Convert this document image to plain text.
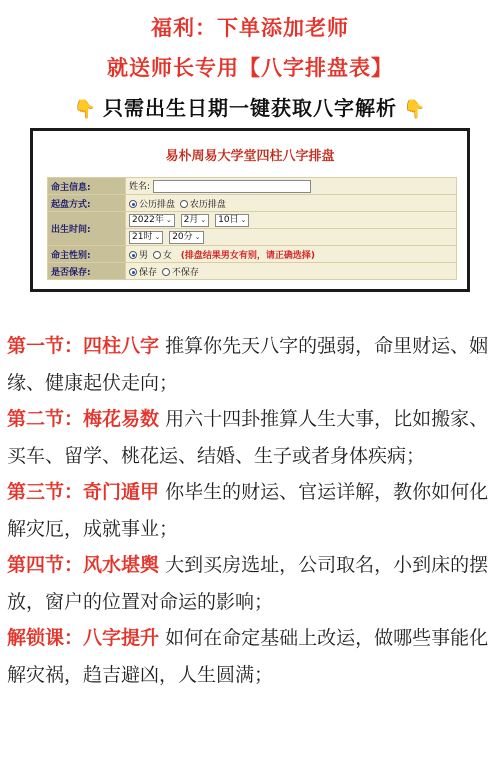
福利：下单添加老师
就送师长专用【八字排盘表】
👇 只需出生日期一键获取八字解析 👇
易朴周易大学堂四柱八字排盘
命主信息:	姓名:
起盘方式:	公历排盘 农历排盘
出生时间:	2022年 ⌄ 2月 ⌄ 10日 ⌄
	21时 ⌄ 20分 ⌄
命主性别:	男 女 (排盘结果男女有别，请正确选择)
是否保存:	保存 不保存
第一节：四柱八字 推算你先天八字的强弱，命里财运、姻缘、健康起伏走向；
第二节：梅花易数 用六十四卦推算人生大事，比如搬家、买车、留学、桃花运、结婚、生子或者身体疾病；
第三节：奇门遁甲 你毕生的财运、官运详解，教你如何化解灾厄，成就事业；
第四节：风水堪舆 大到买房选址，公司取名，小到床的摆放，窗户的位置对命运的影响；
解锁课：八字提升 如何在命定基础上改运，做哪些事能化解灾祸，趋吉避凶，人生圆满；
